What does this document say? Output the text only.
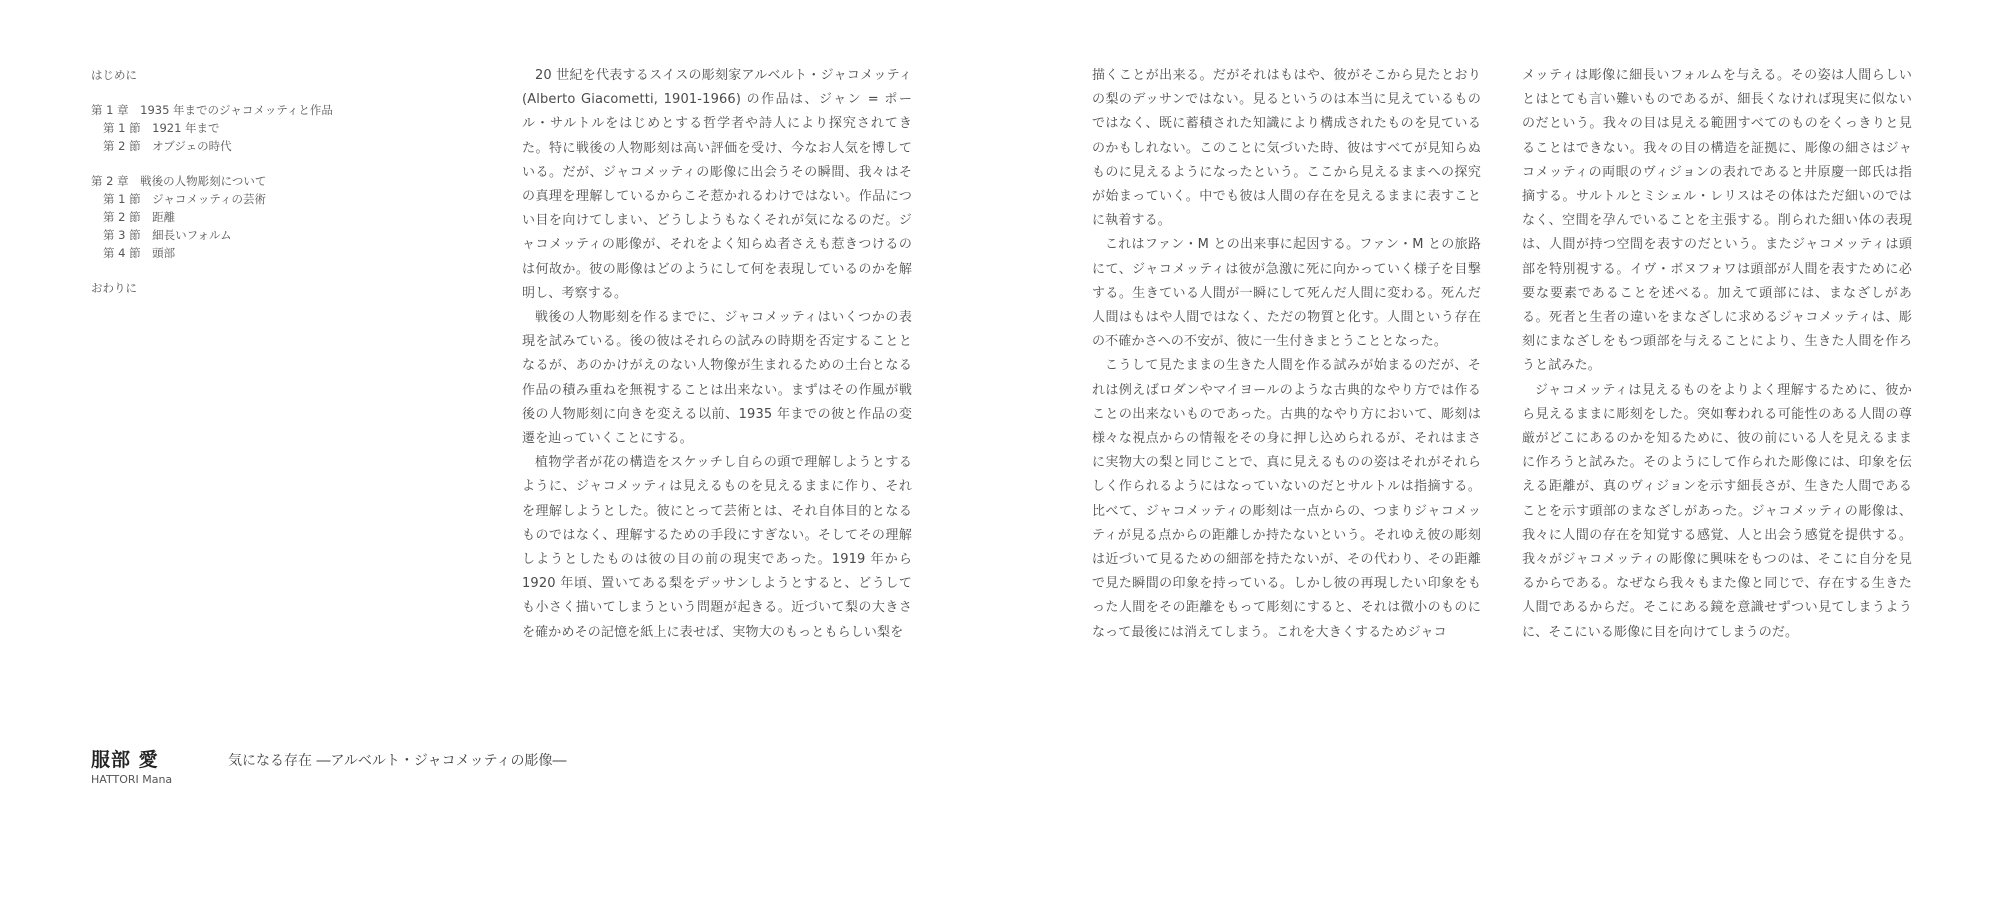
はじめに
第 1 章　1935 年までのジャコメッティと作品
第 1 節　1921 年まで
第 2 節　オブジェの時代
第 2 章　戦後の人物彫刻について
第 1 節　ジャコメッティの芸術
第 2 節　距離
第 3 節　細長いフォルム
第 4 節　頭部
おわりに

20 世紀を代表するスイスの彫刻家アルベルト・ジャコメッティ (Alberto Giacometti, 1901-1966) の作品は、ジャン = ポール・サルトルをはじめとする哲学者や詩人により探究されてきた。特に戦後の人物彫刻は高い評価を受け、今なお人気を博している。だが、ジャコメッティの彫像に出会うその瞬間、我々はその真理を理解しているからこそ惹かれるわけではない。作品につい目を向けてしまい、どうしようもなくそれが気になるのだ。ジャコメッティの彫像が、それをよく知らぬ者さえも惹きつけるのは何故か。彼の彫像はどのようにして何を表現しているのかを解明し、考察する。

戦後の人物彫刻を作るまでに、ジャコメッティはいくつかの表現を試みている。後の彼はそれらの試みの時期を否定することとなるが、あのかけがえのない人物像が生まれるための土台となる作品の積み重ねを無視することは出来ない。まずはその作風が戦後の人物彫刻に向きを変える以前、1935 年までの彼と作品の変遷を辿っていくことにする。

植物学者が花の構造をスケッチし自らの頭で理解しようとするように、ジャコメッティは見えるものを見えるままに作り、それを理解しようとした。彼にとって芸術とは、それ自体目的となるものではなく、理解するための手段にすぎない。そしてその理解しようとしたものは彼の目の前の現実であった。1919 年から 1920 年頃、置いてある梨をデッサンしようとすると、どうしても小さく描いてしまうという問題が起きる。近づいて梨の大きさを確かめその記憶を紙上に表せば、実物大のもっともらしい梨を

描くことが出来る。だがそれはもはや、彼がそこから見たとおりの梨のデッサンではない。見るというのは本当に見えているものではなく、既に蓄積された知識により構成されたものを見ているのかもしれない。このことに気づいた時、彼はすべてが見知らぬものに見えるようになったという。ここから見えるままへの探究が始まっていく。中でも彼は人間の存在を見えるままに表すことに執着する。

これはファン・M との出来事に起因する。ファン・M との旅路にて、ジャコメッティは彼が急激に死に向かっていく様子を目撃する。生きている人間が一瞬にして死んだ人間に変わる。死んだ人間はもはや人間ではなく、ただの物質と化す。人間という存在の不確かさへの不安が、彼に一生付きまとうこととなった。

こうして見たままの生きた人間を作る試みが始まるのだが、それは例えばロダンやマイヨールのような古典的なやり方では作ることの出来ないものであった。古典的なやり方において、彫刻は様々な視点からの情報をその身に押し込められるが、それはまさに実物大の梨と同じことで、真に見えるものの姿はそれがそれらしく作られるようにはなっていないのだとサルトルは指摘する。比べて、ジャコメッティの彫刻は一点からの、つまりジャコメッティが見る点からの距離しか持たないという。それゆえ彼の彫刻は近づいて見るための細部を持たないが、その代わり、その距離で見た瞬間の印象を持っている。しかし彼の再現したい印象をもった人間をその距離をもって彫刻にすると、それは微小のものになって最後には消えてしまう。これを大きくするためジャコ

メッティは彫像に細長いフォルムを与える。その姿は人間らしいとはとても言い難いものであるが、細長くなければ現実に似ないのだという。我々の目は見える範囲すべてのものをくっきりと見ることはできない。我々の目の構造を証拠に、彫像の細さはジャコメッティの両眼のヴィジョンの表れであると井原慶一郎氏は指摘する。サルトルとミシェル・レリスはその体はただ細いのではなく、空間を孕んでいることを主張する。削られた細い体の表現は、人間が持つ空間を表すのだという。またジャコメッティは頭部を特別視する。イヴ・ボヌフォワは頭部が人間を表すために必要な要素であることを述べる。加えて頭部には、まなざしがある。死者と生者の違いをまなざしに求めるジャコメッティは、彫刻にまなざしをもつ頭部を与えることにより、生きた人間を作ろうと試みた。

ジャコメッティは見えるものをよりよく理解するために、彼から見えるままに彫刻をした。突如奪われる可能性のある人間の尊厳がどこにあるのかを知るために、彼の前にいる人を見えるままに作ろうと試みた。そのようにして作られた彫像には、印象を伝える距離が、真のヴィジョンを示す細長さが、生きた人間であることを示す頭部のまなざしがあった。ジャコメッティの彫像は、我々に人間の存在を知覚する感覚、人と出会う感覚を提供する。我々がジャコメッティの彫像に興味をもつのは、そこに自分を見るからである。なぜなら我々もまた像と同じで、存在する生きた人間であるからだ。そこにある鏡を意識せずつい見てしまうように、そこにいる彫像に目を向けてしまうのだ。

服部 愛
HATTORI Mana
気になる存在 ―アルベルト・ジャコメッティの彫像―
